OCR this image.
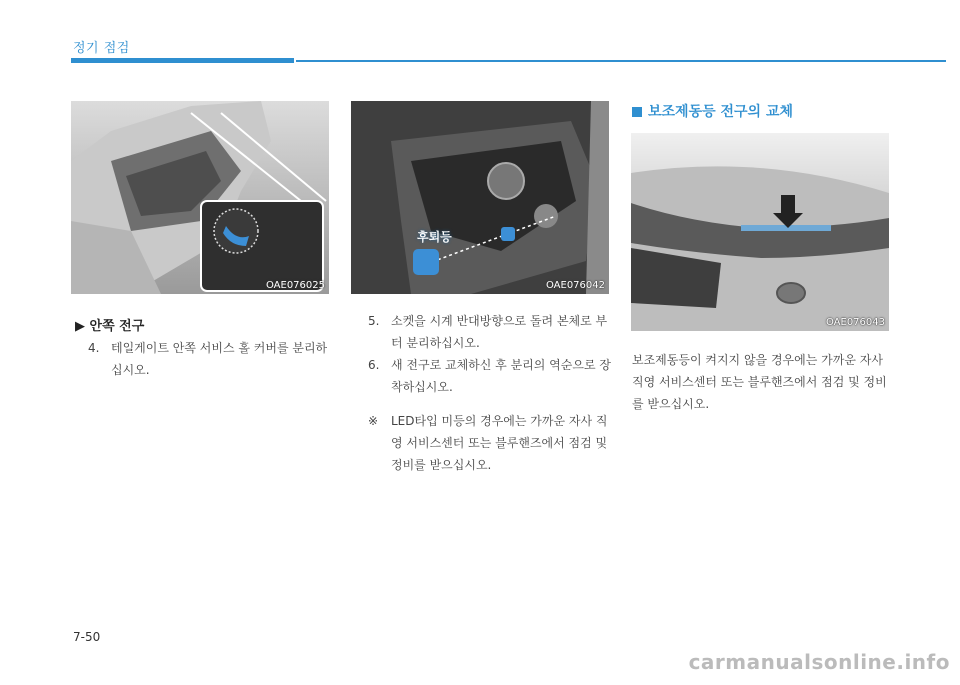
정기 점검
OAE076025
후퇴등
OAE076042
OAE076043
▶ 안쪽 전구
4. 테일게이트 안쪽 서비스 홀 커버를 분리하십시오.
5. 소켓을 시계 반대방향으로 돌려 본체로 부터 분리하십시오.
6. 새 전구로 교체하신 후 분리의 역순으로 장착하십시오.
※	LED타입 미등의 경우에는 가까운 자사 직영 서비스센터 또는 블루핸즈에서 점검 및 정비를 받으십시오.
보조제동등 전구의 교체
보조제동등이 켜지지 않을 경우에는 가까운 자사 직영 서비스센터 또는 블루핸즈에서 점검 및 정비를 받으십시오.
7-50
carmanualsonline.info
